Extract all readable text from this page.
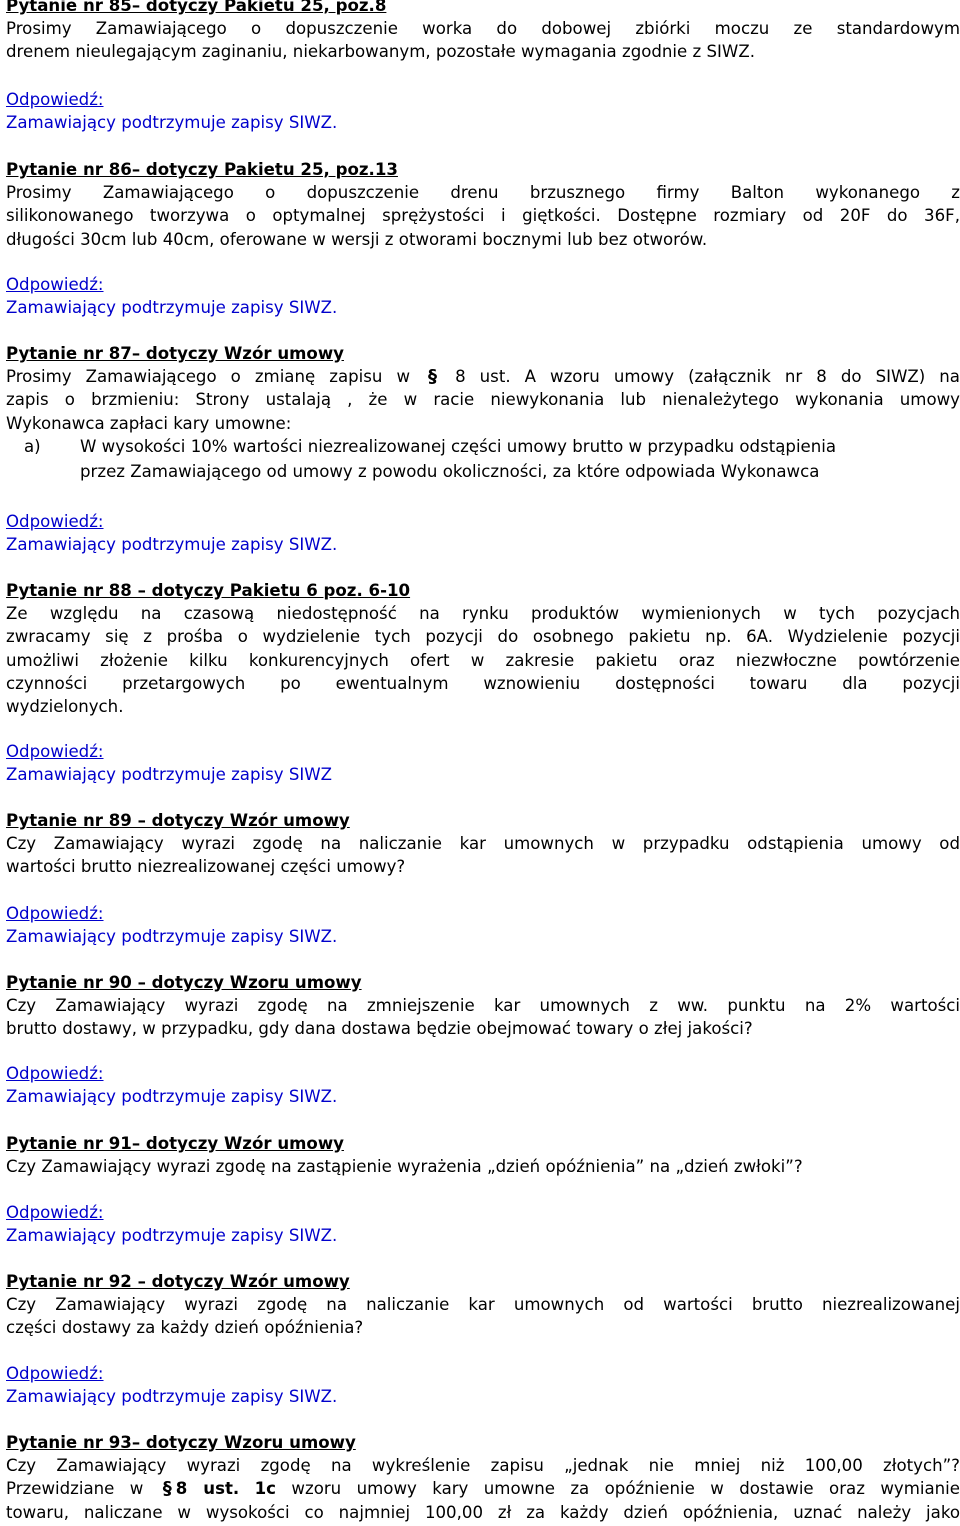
Pytanie nr 85– dotyczy Pakietu 25, poz.8
Prosimy Zamawiającego o dopuszczenie worka do dobowej zbiórki moczu ze standardowym
drenem nieulegającym zaginaniu, niekarbowanym, pozostałe wymagania zgodnie z SIWZ.
Odpowiedź:
Zamawiający podtrzymuje zapisy SIWZ.
Pytanie nr 86– dotyczy Pakietu 25, poz.13
Prosimy Zamawiającego o dopuszczenie drenu brzusznego firmy Balton wykonanego z
silikonowanego tworzywa o optymalnej sprężystości i giętkości. Dostępne rozmiary od 20F do 36F,
długości 30cm lub 40cm, oferowane w wersji z otworami bocznymi lub bez otworów.
Odpowiedź:
Zamawiający podtrzymuje zapisy SIWZ.
Pytanie nr 87– dotyczy Wzór umowy
Prosimy Zamawiającego o zmianę zapisu w § 8 ust. A wzoru umowy (załącznik nr 8 do SIWZ) na
zapis o brzmieniu: Strony ustalają , że w racie niewykonania lub nienależytego wykonania umowy
Wykonawca zapłaci kary umowne:
a) W wysokości 10% wartości niezrealizowanej części umowy brutto w przypadku odstąpienia
przez Zamawiającego od umowy z powodu okoliczności, za które odpowiada Wykonawca
Odpowiedź:
Zamawiający podtrzymuje zapisy SIWZ.
Pytanie nr 88 – dotyczy Pakietu 6 poz. 6-10
Ze względu na czasową niedostępność na rynku produktów wymienionych w tych pozycjach
zwracamy się z prośba o wydzielenie tych pozycji do osobnego pakietu np. 6A. Wydzielenie pozycji
umożliwi złożenie kilku konkurencyjnych ofert w zakresie pakietu oraz niezwłoczne powtórzenie
czynności przetargowych po ewentualnym wznowieniu dostępności towaru dla pozycji
wydzielonych.
Odpowiedź:
Zamawiający podtrzymuje zapisy SIWZ
Pytanie nr 89 – dotyczy Wzór umowy
Czy Zamawiający wyrazi zgodę na naliczanie kar umownych w przypadku odstąpienia umowy od
wartości brutto niezrealizowanej części umowy?
Odpowiedź:
Zamawiający podtrzymuje zapisy SIWZ.
Pytanie nr 90 – dotyczy Wzoru umowy
Czy Zamawiający wyrazi zgodę na zmniejszenie kar umownych z ww. punktu na 2% wartości
brutto dostawy, w przypadku, gdy dana dostawa będzie obejmować towary o złej jakości?
Odpowiedź:
Zamawiający podtrzymuje zapisy SIWZ.
Pytanie nr 91– dotyczy Wzór umowy
Czy Zamawiający wyrazi zgodę na zastąpienie wyrażenia „dzień opóźnienia” na „dzień zwłoki”?
Odpowiedź:
Zamawiający podtrzymuje zapisy SIWZ.
Pytanie nr 92 – dotyczy Wzór umowy
Czy Zamawiający wyrazi zgodę na naliczanie kar umownych od wartości brutto niezrealizowanej
części dostawy za każdy dzień opóźnienia?
Odpowiedź:
Zamawiający podtrzymuje zapisy SIWZ.
Pytanie nr 93– dotyczy Wzoru umowy
Czy Zamawiający wyrazi zgodę na wykreślenie zapisu „jednak nie mniej niż 100,00 złotych”?
Przewidziane w § 8 ust. 1c wzoru umowy kary umowne za opóźnienie w dostawie oraz wymianie
towaru, naliczane w wysokości co najmniej 100,00 zł za każdy dzień opóźnienia, uznać należy jako
